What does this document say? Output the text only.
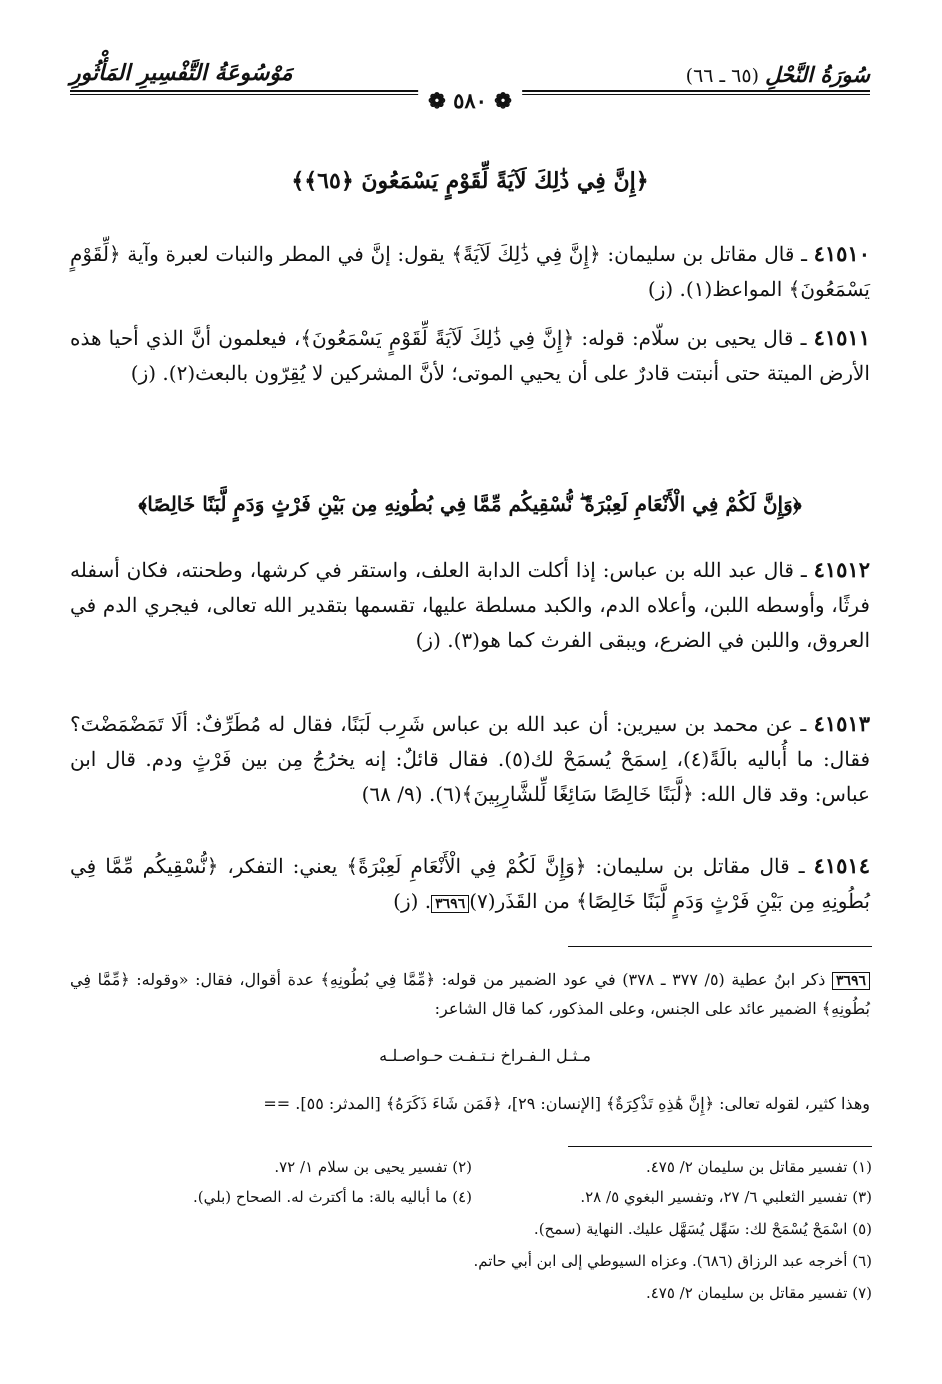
سُورَةُ النَّحْلِ (٦٥ ـ ٦٦)
مَوْسُوعَةُ التَّفْسِيرِ المَأْثُورِ
❁ ٥٨٠ ❁
﴿إِنَّ فِي ذَٰلِكَ لَآيَةً لِّقَوْمٍ يَسْمَعُونَ ﴿٦٥﴾﴾
٤١٥١٠ ـ قال مقاتل بن سليمان: ﴿إِنَّ فِي ذَٰلِكَ لَآيَةً﴾ يقول: إنَّ في المطر والنبات لعبرة وآية ﴿لِّقَوْمٍ يَسْمَعُونَ﴾ المواعظ(١). (ز)
٤١٥١١ ـ قال يحيى بن سلّام: قوله: ﴿إِنَّ فِي ذَٰلِكَ لَآيَةً لِّقَوْمٍ يَسْمَعُونَ﴾، فيعلمون أنَّ الذي أحيا هذه الأرض الميتة حتى أنبتت قادرٌ على أن يحيي الموتى؛ لأنَّ المشركين لا يُقِرّون بالبعث(٢). (ز)
﴿وَإِنَّ لَكُمْ فِي الْأَنْعَامِ لَعِبْرَةً ۖ نُّسْقِيكُم مِّمَّا فِي بُطُونِهِ مِن بَيْنِ فَرْثٍ وَدَمٍ لَّبَنًا خَالِصًا﴾
٤١٥١٢ ـ قال عبد الله بن عباس: إذا أكلت الدابة العلف، واستقر في كرشها، وطحنته، فكان أسفله فرثًا، وأوسطه اللبن، وأعلاه الدم، والكبد مسلطة عليها، تقسمها بتقدير الله تعالى، فيجري الدم في العروق، واللبن في الضرع، ويبقى الفرث كما هو(٣). (ز)
٤١٥١٣ ـ عن محمد بن سيرين: أن عبد الله بن عباس شَرِب لَبَنًا، فقال له مُطَرِّفٌ: ألَا تَمَضْمَضْتَ؟ فقال: ما أُباليه بالَةً(٤)، اِسمَحْ يُسمَحْ لك(٥). فقال قائلٌ: إنه يخرُجُ مِن بين فَرْثٍ ودم. قال ابن عباس: وقد قال الله: ﴿لَّبَنًا خَالِصًا سَائِغًا لِّلشَّارِبِينَ﴾(٦). (٩/ ٦٨)
٤١٥١٤ ـ قال مقاتل بن سليمان: ﴿وَإِنَّ لَكُمْ فِي الْأَنْعَامِ لَعِبْرَةً﴾ يعني: التفكر، ﴿نُّسْقِيكُم مِّمَّا فِي بُطُونِهِ مِن بَيْنِ فَرْثٍ وَدَمٍ لَّبَنًا خَالِصًا﴾ من القَذَر(٧)٣٦٩٦. (ز)
٣٦٩٦ ذكر ابنُ عطية (٥/ ٣٧٧ ـ ٣٧٨) في عود الضمير من قوله: ﴿مِّمَّا فِي بُطُونِهِ﴾ عدة أقوال، فقال: «وقوله: ﴿مِّمَّا فِي بُطُونِهِ﴾ الضمير عائد على الجنس، وعلى المذكور، كما قال الشاعر:
مـثـل الـفـراخ نـتـفـت حـواصـلـه
وهذا كثير، لقوله تعالى: ﴿إِنَّ هَٰذِهِ تَذْكِرَةٌ﴾ [الإنسان: ٢٩]، ﴿فَمَن شَاءَ ذَكَرَهُ﴾ [المدثر: ٥٥]. ==
(١) تفسير مقاتل بن سليمان ٢/ ٤٧٥.
(٢) تفسير يحيى بن سلام ١/ ٧٢.
(٣) تفسير الثعلبي ٦/ ٢٧، وتفسير البغوي ٥/ ٢٨.
(٤) ما أباليه بالة: ما أكترث له. الصحاح (بلي).
(٥) اسْمَحْ يُسْمَحْ لك: سَهِّل يُسَهَّل عليك. النهاية (سمح).
(٦) أخرجه عبد الرزاق (٦٨٦). وعزاه السيوطي إلى ابن أبي حاتم.
(٧) تفسير مقاتل بن سليمان ٢/ ٤٧٥.
